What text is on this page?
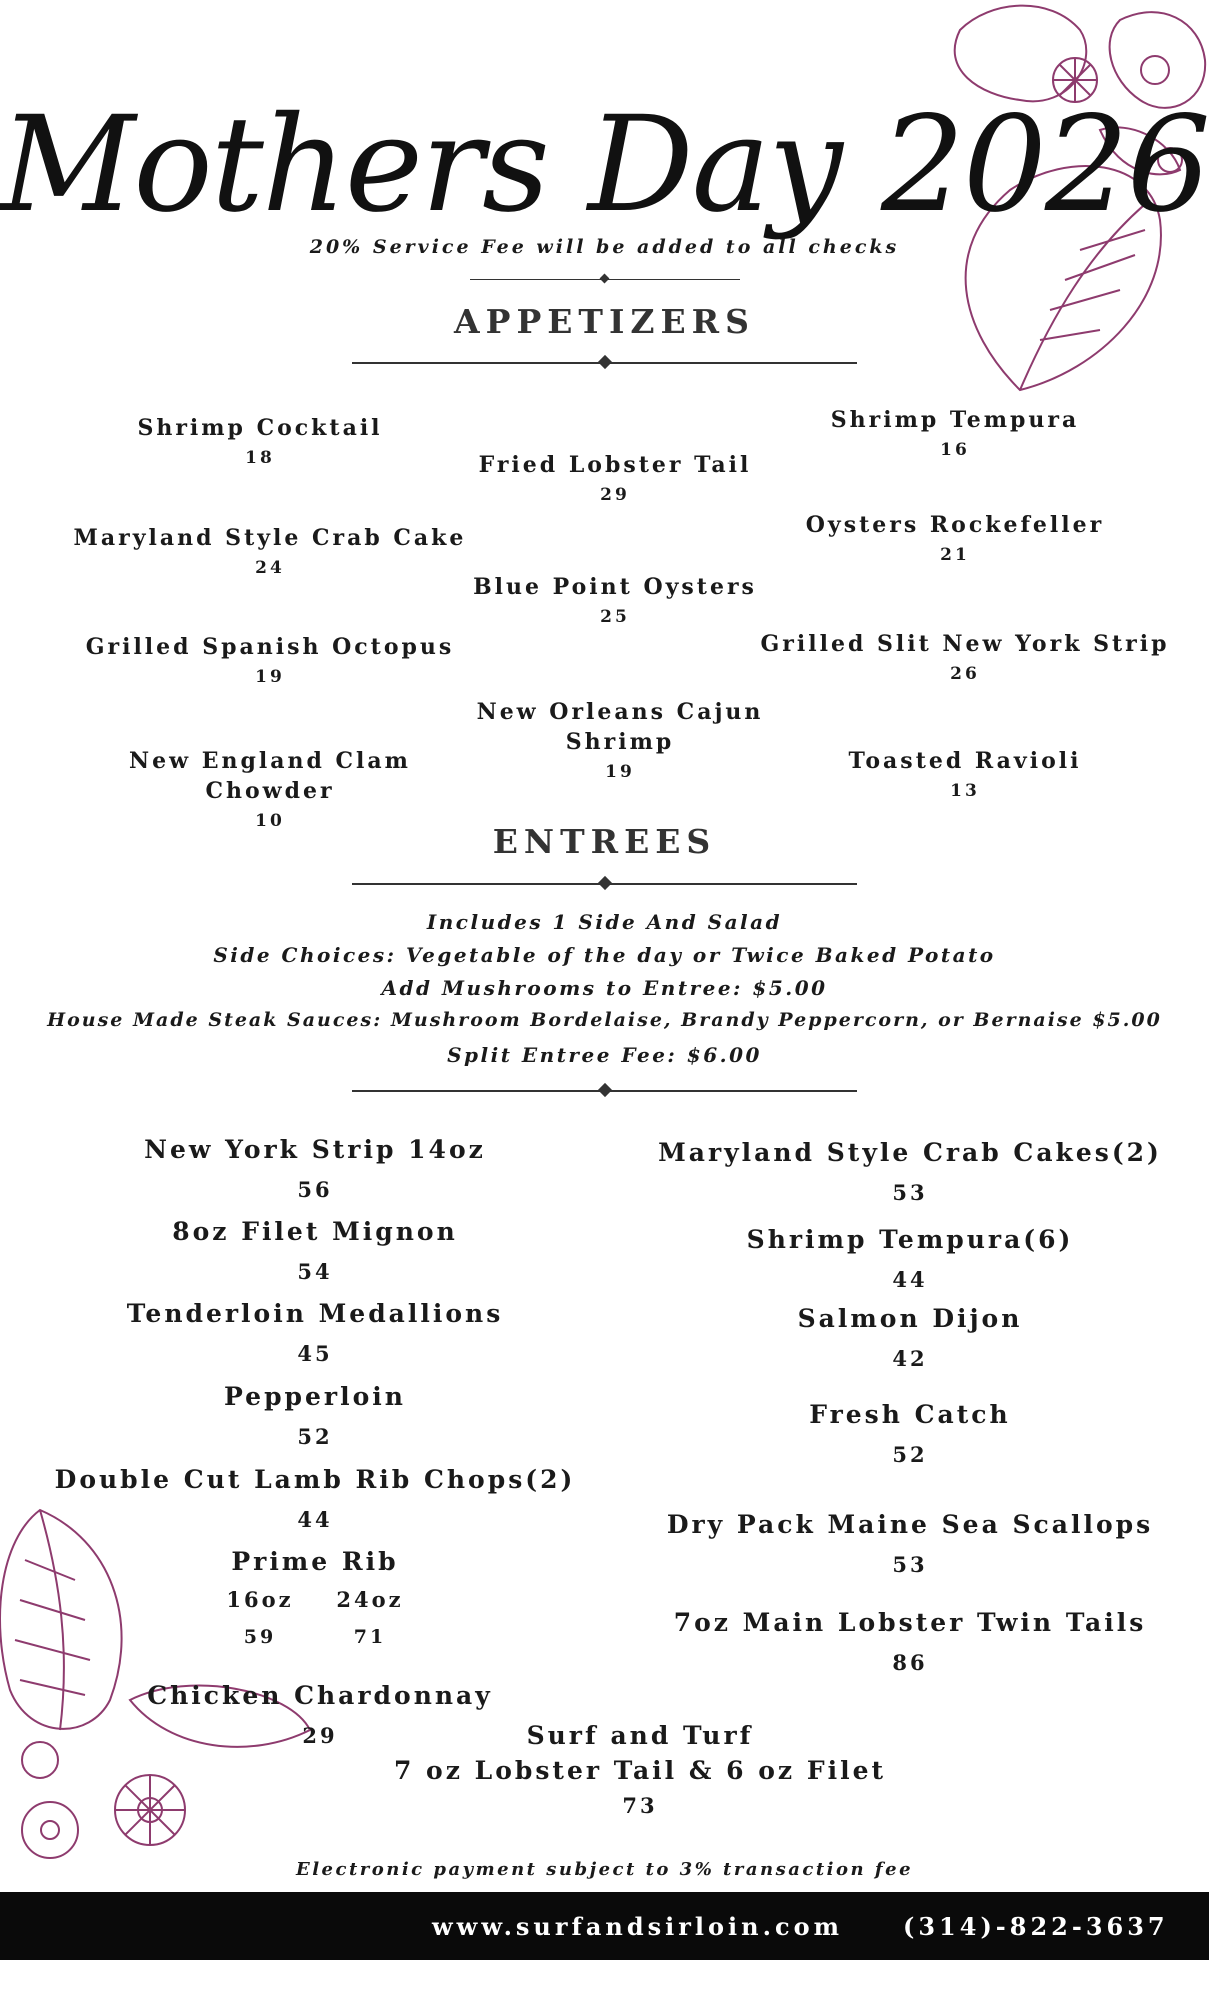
Mothers Day 2026
20% Service Fee will be added to all checks
APPETIZERS
Shrimp Cocktail
18	Fried Lobster Tail
29
Shrimp Tempura
16
Maryland Style Crab Cake
24
Blue Point Oysters
25
Oysters Rockefeller
21
Grilled Spanish Octopus
19
New Orleans Cajun Shrimp
19
Grilled Slit New York Strip
26
New England Clam Chowder
10
Toasted Ravioli
13
ENTREES
Includes 1 Side And Salad
Side Choices: Vegetable of the day or Twice Baked Potato
Add Mushrooms to Entree: $5.00
House Made Steak Sauces: Mushroom Bordelaise, Brandy Peppercorn, or Bernaise $5.00
Split Entree Fee: $6.00
New York Strip 14oz
56
8oz Filet Mignon
54
Tenderloin Medallions
45
Pepperloin
52
Double Cut Lamb Rib Chops(2)
44
Prime Rib
16oz	24oz
59	71
Chicken Chardonnay
29
Maryland Style Crab Cakes(2)
53
Shrimp Tempura(6)
44
Salmon Dijon
42
Fresh Catch
52
Dry Pack Maine Sea Scallops
53
7oz Main Lobster Twin Tails
86
Surf and Turf
7 oz Lobster Tail & 6 oz Filet
73
Electronic payment subject to 3% transaction fee
www.surfandsirloin.com	(314)-822-3637
